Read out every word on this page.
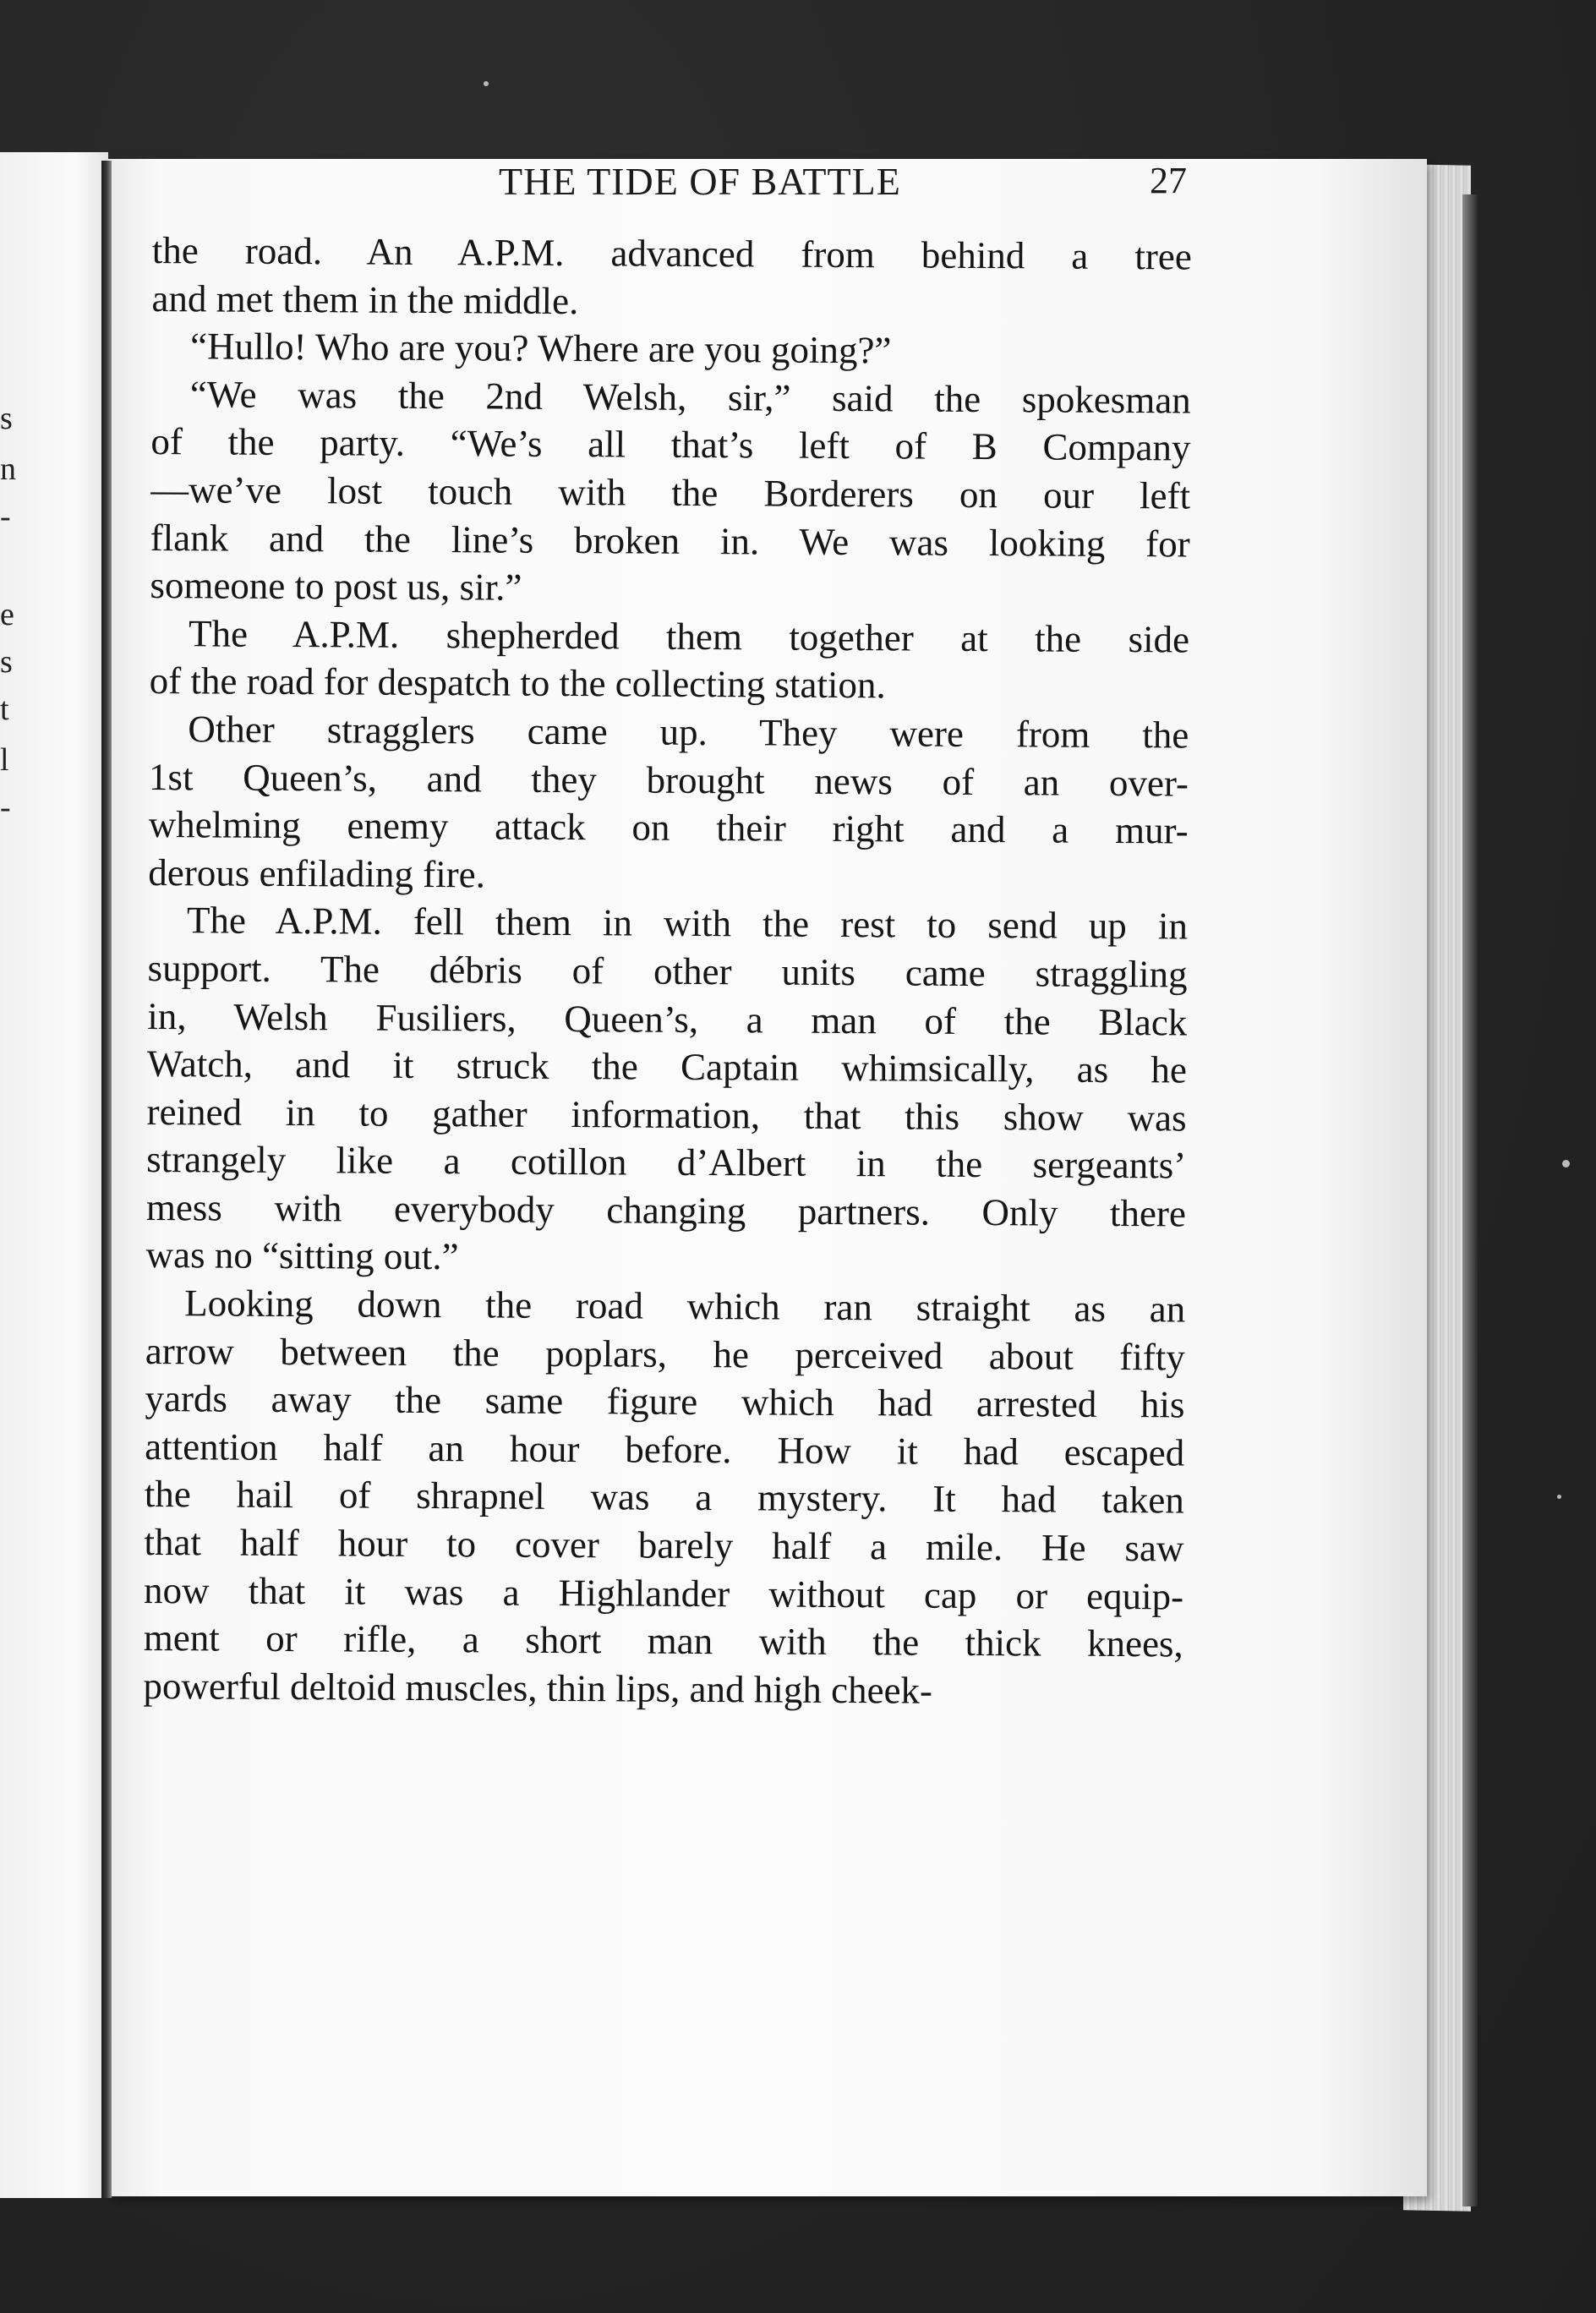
s
n
-
e
s
t
l
-
THE TIDE OF BATTLE	27
the road. An A.P.M. advanced from behind a tree
and met them in the middle.
“Hullo! Who are you? Where are you going?”
“We was the 2nd Welsh, sir,” said the spokesman
of the party. “We’s all that’s left of B Company
—we’ve lost touch with the Borderers on our left
flank and the line’s broken in. We was looking for
someone to post us, sir.”
The A.P.M. shepherded them together at the side
of the road for despatch to the collecting station.
Other stragglers came up. They were from the
1st Queen’s, and they brought news of an over-
whelming enemy attack on their right and a mur-
derous enfilading fire.
The A.P.M. fell them in with the rest to send up in
support. The débris of other units came straggling
in, Welsh Fusiliers, Queen’s, a man of the Black
Watch, and it struck the Captain whimsically, as he
reined in to gather information, that this show was
strangely like a cotillon d’Albert in the sergeants’
mess with everybody changing partners. Only there
was no “sitting out.”
Looking down the road which ran straight as an
arrow between the poplars, he perceived about fifty
yards away the same figure which had arrested his
attention half an hour before. How it had escaped
the hail of shrapnel was a mystery. It had taken
that half hour to cover barely half a mile. He saw
now that it was a Highlander without cap or equip-
ment or rifle, a short man with the thick knees,
powerful deltoid muscles, thin lips, and high cheek-
